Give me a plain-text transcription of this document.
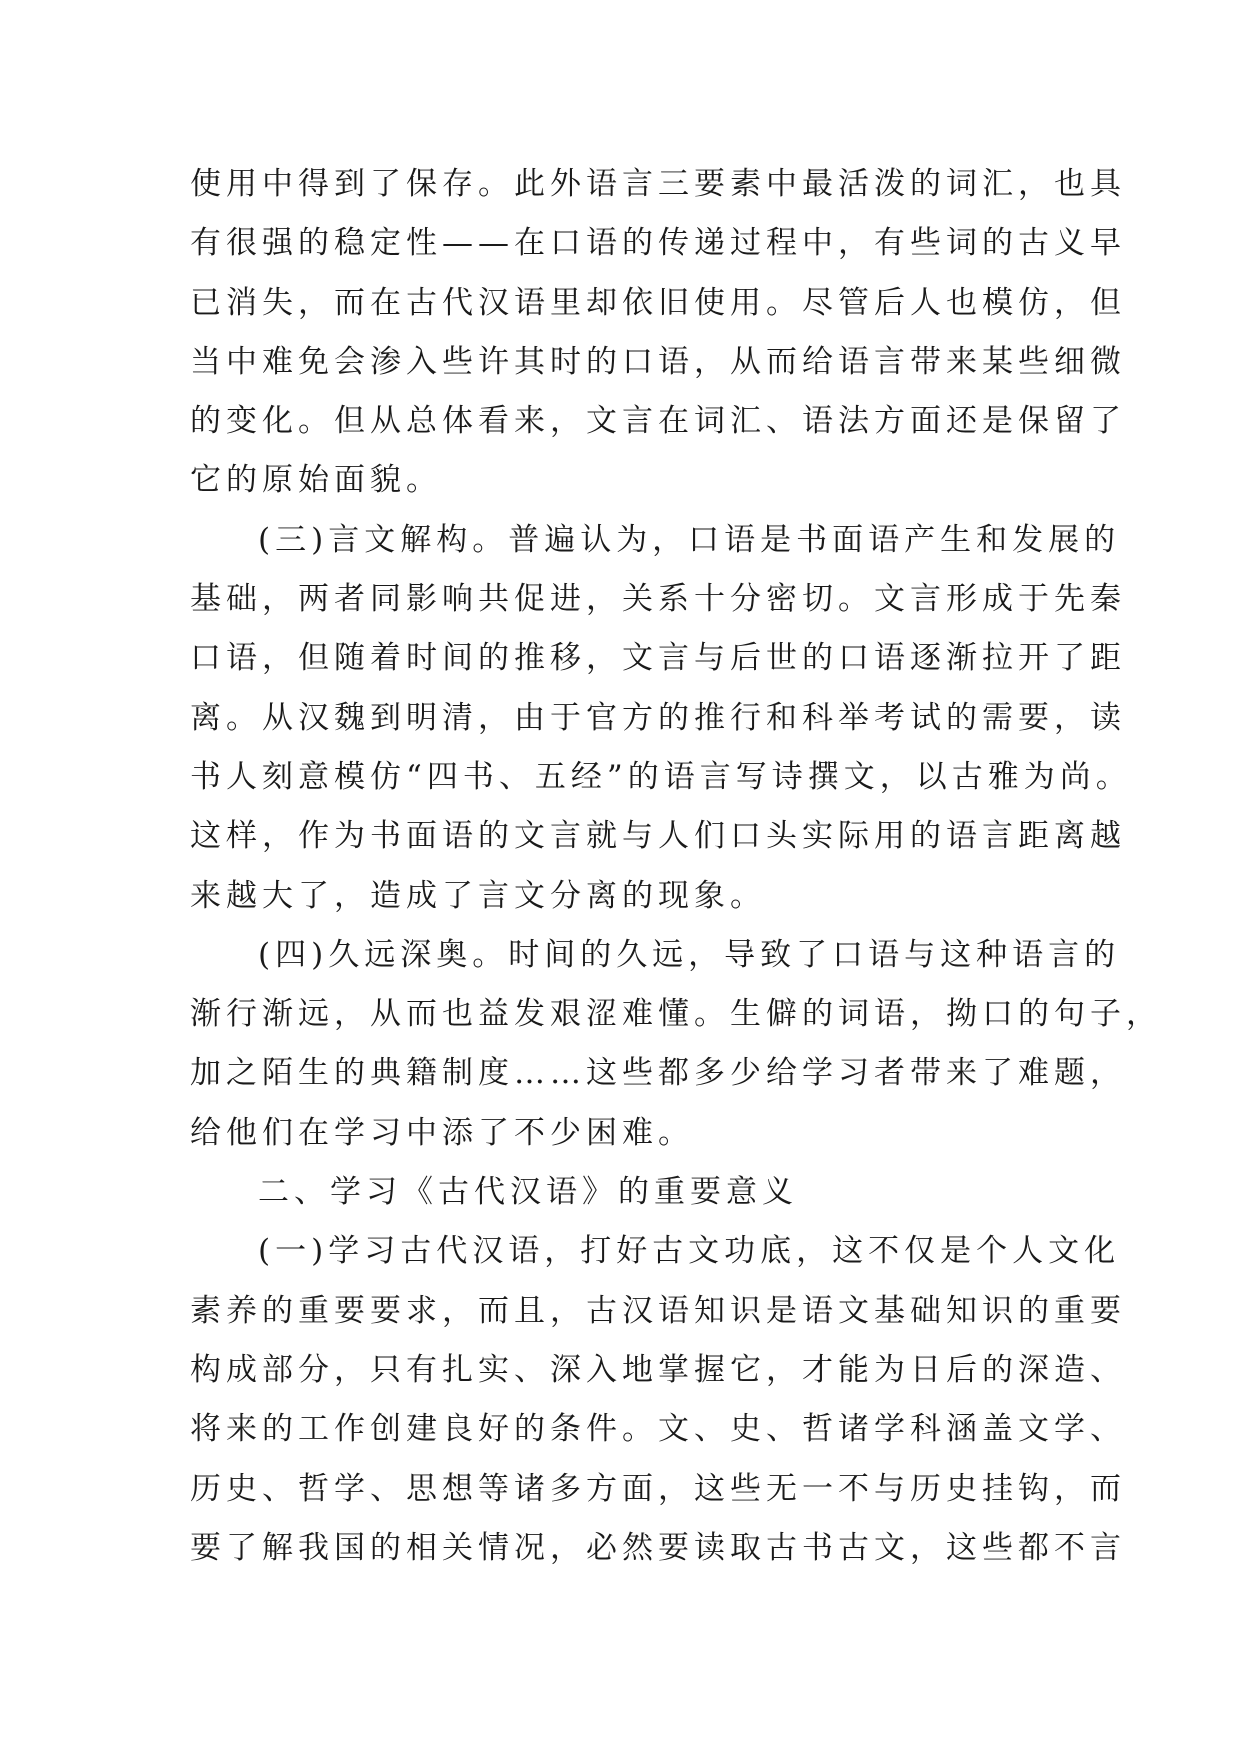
使用中得到了保存。此外语言三要素中最活泼的词汇，也具
有很强的稳定性——在口语的传递过程中，有些词的古义早
已消失，而在古代汉语里却依旧使用。尽管后人也模仿，但
当中难免会渗入些许其时的口语，从而给语言带来某些细微
的变化。但从总体看来，文言在词汇、语法方面还是保留了
它的原始面貌。
(三)言文解构。普遍认为，口语是书面语产生和发展的
基础，两者同影响共促进，关系十分密切。文言形成于先秦
口语，但随着时间的推移，文言与后世的口语逐渐拉开了距
离。从汉魏到明清，由于官方的推行和科举考试的需要，读
书人刻意模仿“四书、五经”的语言写诗撰文，以古雅为尚。
这样，作为书面语的文言就与人们口头实际用的语言距离越
来越大了，造成了言文分离的现象。
(四)久远深奥。时间的久远，导致了口语与这种语言的
渐行渐远，从而也益发艰涩难懂。生僻的词语，拗口的句子，
加之陌生的典籍制度……这些都多少给学习者带来了难题，
给他们在学习中添了不少困难。
二、学习《古代汉语》的重要意义
(一)学习古代汉语，打好古文功底，这不仅是个人文化
素养的重要要求，而且，古汉语知识是语文基础知识的重要
构成部分，只有扎实、深入地掌握它，才能为日后的深造、
将来的工作创建良好的条件。文、史、哲诸学科涵盖文学、
历史、哲学、思想等诸多方面，这些无一不与历史挂钩，而
要了解我国的相关情况，必然要读取古书古文，这些都不言
